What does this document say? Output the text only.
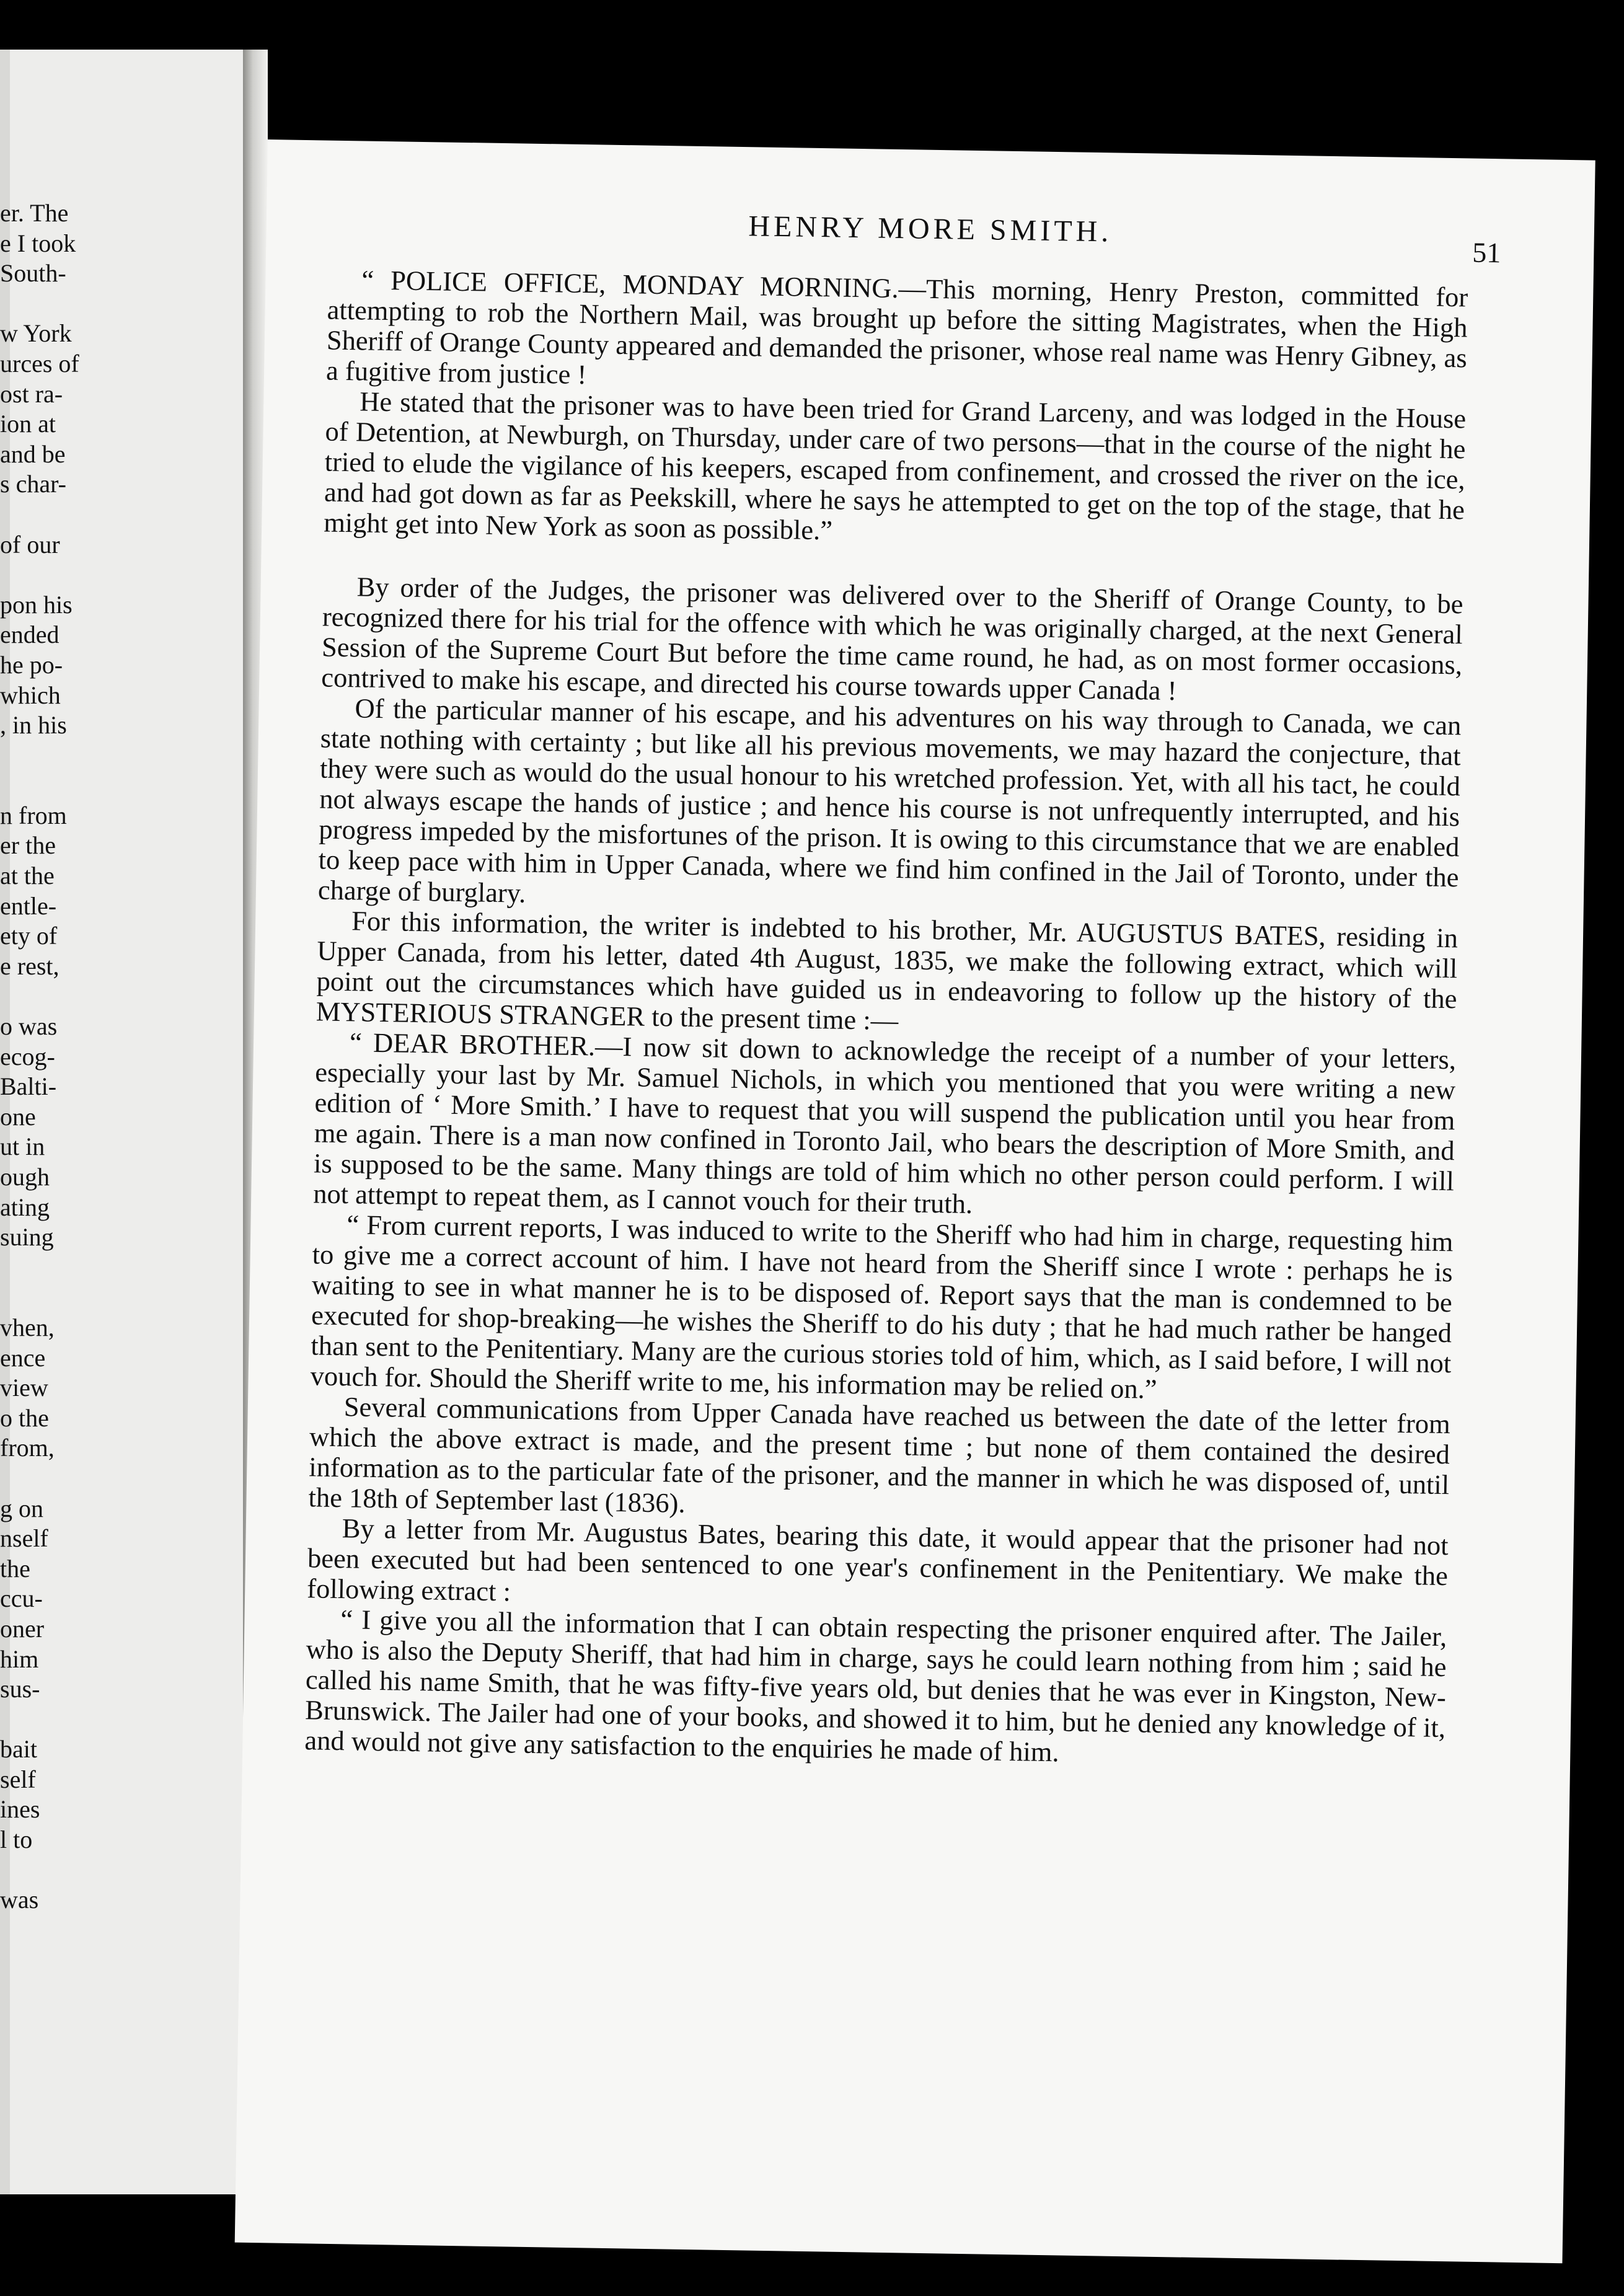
er. The
e I took
South-
w York
urces of
ost ra-
ion at
and be
s char-
of our
pon his
ended
he po-
which
, in his
n from
er the
at the
entle-
ety of
e rest,
o was
ecog-
Balti-
one
ut in
ough
ating
suing
vhen,
ence
view
o the
from,
g on
nself
the
ccu-
oner
him
sus-
bait
self
ines
l to
was
HENRY MORE SMITH.
51

“ POLICE OFFICE, MONDAY MORNING.—This morning, Henry Preston, committed for attempting to rob the Northern Mail, was brought up before the sitting Magistrates, when the High Sheriff of Orange County appeared and demanded the prisoner, whose real name was Henry Gibney, as a fugitive from justice !

He stated that the prisoner was to have been tried for Grand Larceny, and was lodged in the House of Detention, at Newburgh, on Thursday, under care of two persons—that in the course of the night he tried to elude the vigilance of his keepers, escaped from confinement, and crossed the river on the ice, and had got down as far as Peekskill, where he says he attempted to get on the top of the stage, that he might get into New York as soon as possible.”

By order of the Judges, the prisoner was delivered over to the Sheriff of Orange County, to be recognized there for his trial for the offence with which he was originally charged, at the next General Session of the Supreme Court But before the time came round, he had, as on most former occasions, contrived to make his escape, and directed his course towards upper Canada !

Of the particular manner of his escape, and his adventures on his way through to Canada, we can state nothing with certainty ; but like all his previous movements, we may hazard the conjecture, that they were such as would do the usual honour to his wretched profession. Yet, with all his tact, he could not always escape the hands of justice ; and hence his course is not unfrequently interrupted, and his progress impeded by the misfortunes of the prison. It is owing to this circumstance that we are enabled to keep pace with him in Upper Canada, where we find him confined in the Jail of Toronto, under the charge of burglary.

For this information, the writer is indebted to his brother, Mr. AUGUSTUS BATES, residing in Upper Canada, from his letter, dated 4th August, 1835, we make the following extract, which will point out the circumstances which have guided us in endeavoring to follow up the history of the MYSTERIOUS STRANGER to the present time :—

“ DEAR BROTHER.—I now sit down to acknowledge the receipt of a number of your letters, especially your last by Mr. Samuel Nichols, in which you mentioned that you were writing a new edition of ‘ More Smith.’ I have to request that you will suspend the publication until you hear from me again. There is a man now confined in Toronto Jail, who bears the description of More Smith, and is supposed to be the same. Many things are told of him which no other person could perform. I will not attempt to repeat them, as I cannot vouch for their truth.

“ From current reports, I was induced to write to the Sheriff who had him in charge, requesting him to give me a correct account of him. I have not heard from the Sheriff since I wrote : perhaps he is waiting to see in what manner he is to be disposed of. Report says that the man is condemned to be executed for shop-breaking—he wishes the Sheriff to do his duty ; that he had much rather be hanged than sent to the Penitentiary. Many are the curious stories told of him, which, as I said before, I will not vouch for. Should the Sheriff write to me, his information may be relied on.”

Several communications from Upper Canada have reached us between the date of the letter from which the above extract is made, and the present time ; but none of them contained the desired information as to the particular fate of the prisoner, and the manner in which he was disposed of, until the 18th of September last (1836).

By a letter from Mr. Augustus Bates, bearing this date, it would appear that the prisoner had not been executed but had been sentenced to one year's confinement in the Penitentiary. We make the following extract :

“ I give you all the information that I can obtain respecting the prisoner enquired after. The Jailer, who is also the Deputy Sheriff, that had him in charge, says he could learn nothing from him ; said he called his name Smith, that he was fifty-five years old, but denies that he was ever in Kingston, New-Brunswick. The Jailer had one of your books, and showed it to him, but he denied any knowledge of it, and would not give any satisfaction to the enquiries he made of him.
